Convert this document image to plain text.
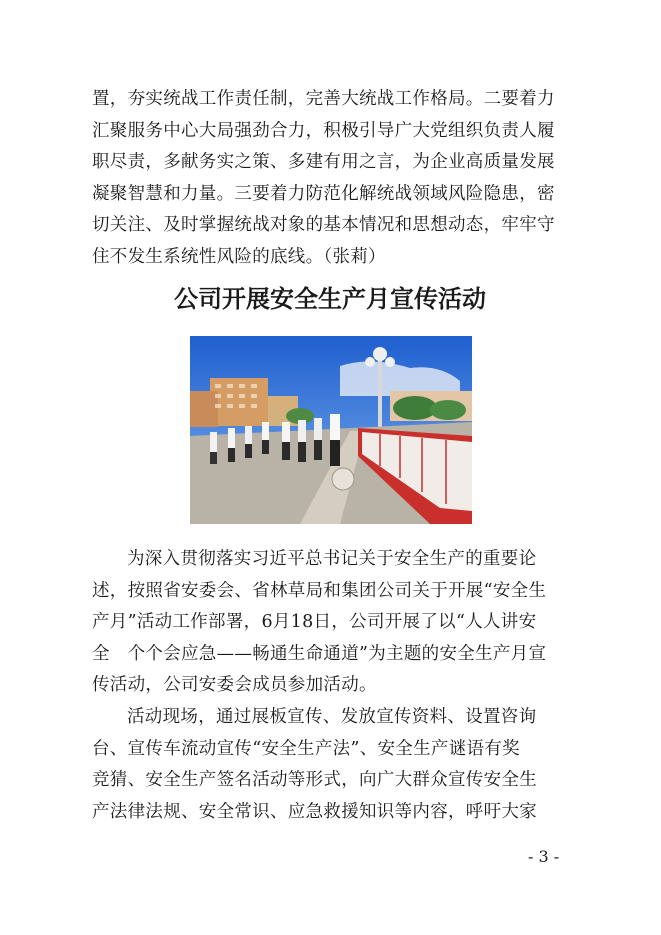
置，夯实统战工作责任制，完善大统战工作格局。二要着力
汇聚服务中心大局强劲合力，积极引导广大党组织负责人履
职尽责，多献务实之策、多建有用之言，为企业高质量发展
凝聚智慧和力量。三要着力防范化解统战领域风险隐患，密
切关注、及时掌握统战对象的基本情况和思想动态，牢牢守
住不发生系统性风险的底线。（张莉）

公司开展安全生产月宣传活动

为深入贯彻落实习近平总书记关于安全生产的重要论
述，按照省安委会、省林草局和集团公司关于开展“安全生
产月”活动工作部署，6月18日，公司开展了以“人人讲安
全　个个会应急——畅通生命通道”为主题的安全生产月宣
传活动，公司安委会成员参加活动。

活动现场，通过展板宣传、发放宣传资料、设置咨询
台、宣传车流动宣传“安全生产法”、安全生产谜语有奖
竞猜、安全生产签名活动等形式，向广大群众宣传安全生
产法律法规、安全常识、应急救援知识等内容，呼吁大家

- 3 -
